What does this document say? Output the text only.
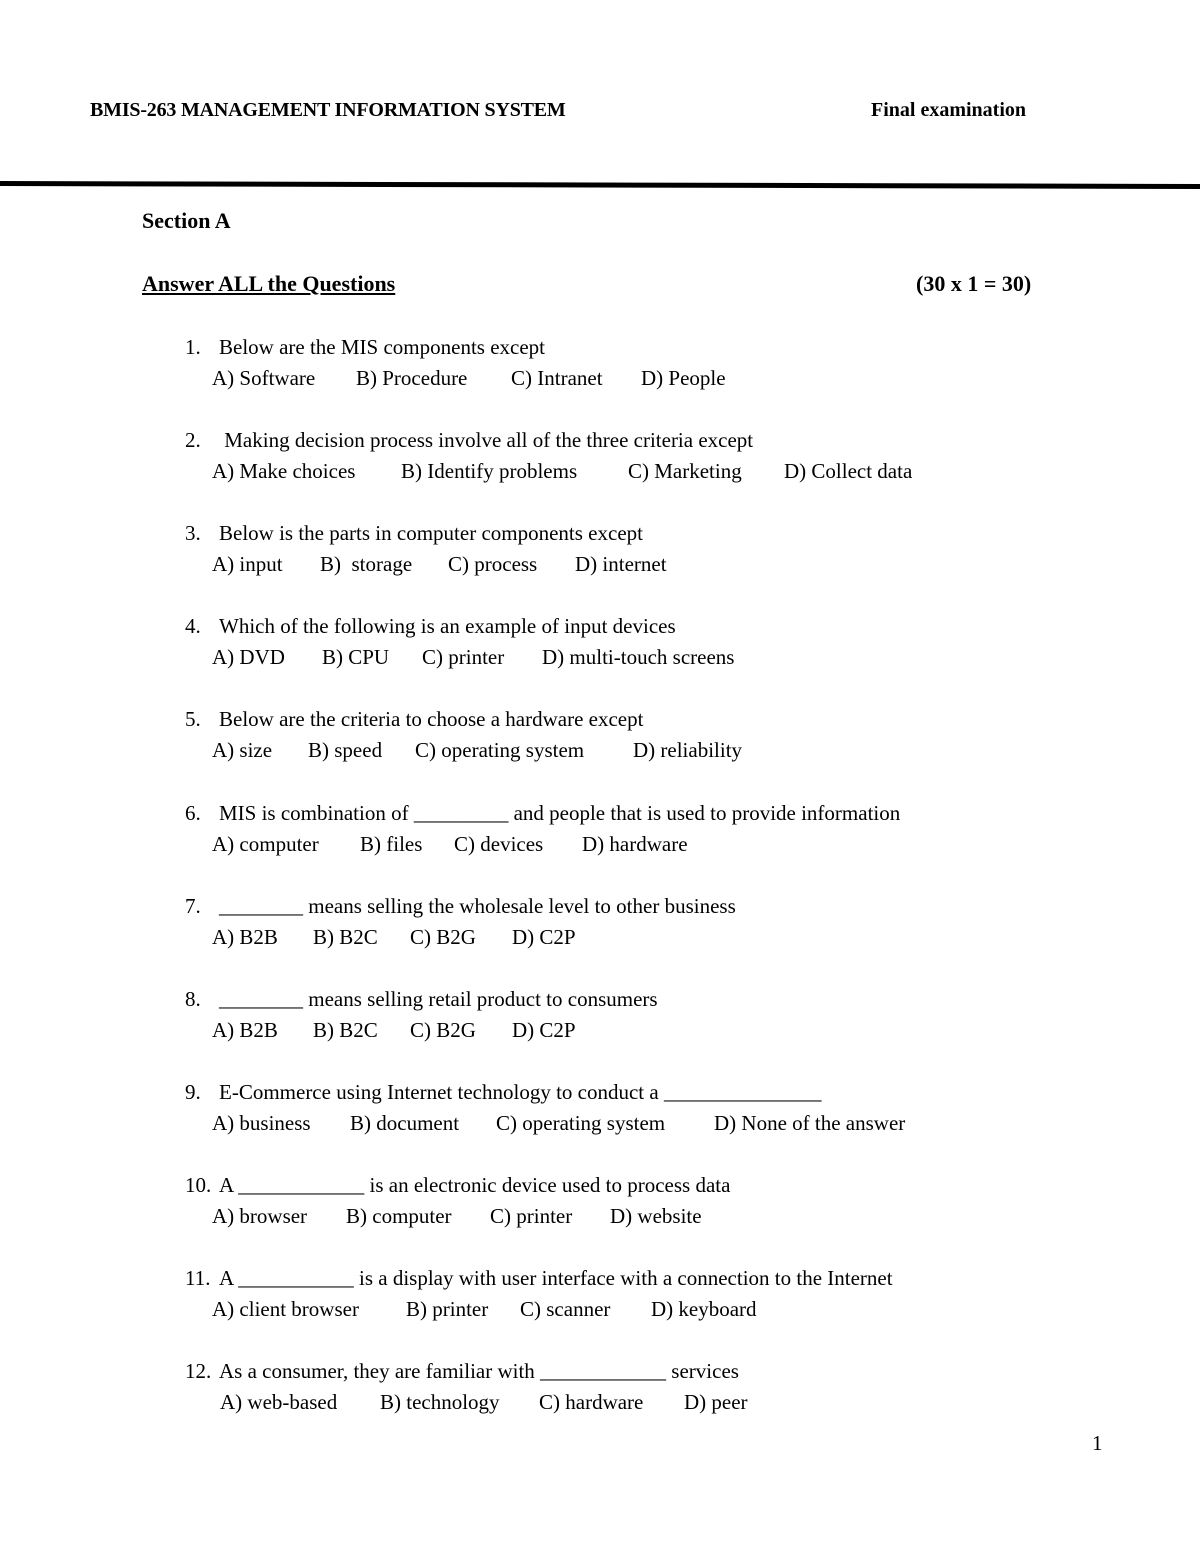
BMIS-263 MANAGEMENT INFORMATION SYSTEM	Final examination
Section A
Answer ALL the Questions	(30 x 1 = 30)
1. Below are the MIS components except
A) Software B) Procedure C) Intranet D) People
2. Making decision process involve all of the three criteria except
A) Make choices B) Identify problems C) Marketing D) Collect data
3. Below is the parts in computer components except
A) input B)  storage C) process D) internet
4. Which of the following is an example of input devices
A) DVD B) CPU C) printer D) multi-touch screens
5. Below are the criteria to choose a hardware except
A) size B) speed C) operating system D) reliability
6. MIS is combination of _________ and people that is used to provide information
A) computer B) files C) devices D) hardware
7. ________ means selling the wholesale level to other business
A) B2B B) B2C C) B2G D) C2P
8. ________ means selling retail product to consumers
A) B2B B) B2C C) B2G D) C2P
9. E-Commerce using Internet technology to conduct a _______________
A) business B) document C) operating system D) None of the answer
10. A ____________ is an electronic device used to process data
A) browser B) computer C) printer D) website
11. A ___________ is a display with user interface with a connection to the Internet
A) client browser B) printer C) scanner D) keyboard
12. As a consumer, they are familiar with ____________ services
A) web-based B) technology C) hardware D) peer
1
